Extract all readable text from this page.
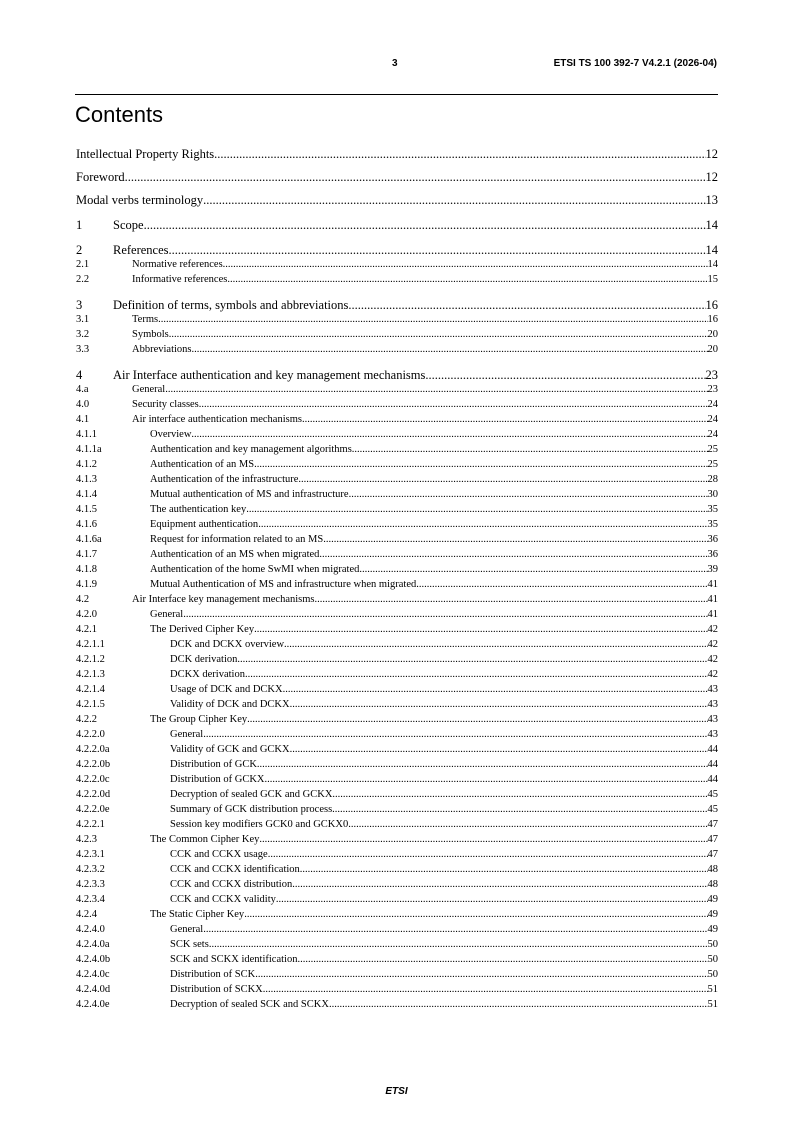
3	ETSI TS 100 392-7 V4.2.1 (2026-04)
Contents
Intellectual Property Rights .....	12
Foreword .....	12
Modal verbs terminology .....	13
1	Scope .....	14
2	References .....	14
2.1	Normative references .....	14
2.2	Informative references .....	15
3	Definition of terms, symbols and abbreviations .....	16
3.1	Terms .....	16
3.2	Symbols .....	20
3.3	Abbreviations .....	20
4	Air Interface authentication and key management mechanisms .....	23
4.a	General .....	23
4.0	Security classes .....	24
4.1	Air interface authentication mechanisms .....	24
4.1.1	Overview .....	24
4.1.1a	Authentication and key management algorithms .....	25
4.1.2	Authentication of an MS .....	25
4.1.3	Authentication of the infrastructure .....	28
4.1.4	Mutual authentication of MS and infrastructure .....	30
4.1.5	The authentication key .....	35
4.1.6	Equipment authentication .....	35
4.1.6a	Request for information related to an MS .....	36
4.1.7	Authentication of an MS when migrated .....	36
4.1.8	Authentication of the home SwMI when migrated .....	39
4.1.9	Mutual Authentication of MS and infrastructure when migrated .....	41
4.2	Air Interface key management mechanisms .....	41
4.2.0	General .....	41
4.2.1	The Derived Cipher Key .....	42
4.2.1.1	DCK and DCKX overview .....	42
4.2.1.2	DCK derivation .....	42
4.2.1.3	DCKX derivation .....	42
4.2.1.4	Usage of DCK and DCKX .....	43
4.2.1.5	Validity of DCK and DCKX .....	43
4.2.2	The Group Cipher Key .....	43
4.2.2.0	General .....	43
4.2.2.0a	Validity of GCK and GCKX .....	44
4.2.2.0b	Distribution of GCK .....	44
4.2.2.0c	Distribution of GCKX .....	44
4.2.2.0d	Decryption of sealed GCK and GCKX .....	45
4.2.2.0e	Summary of GCK distribution process .....	45
4.2.2.1	Session key modifiers GCK0 and GCKX0 .....	47
4.2.3	The Common Cipher Key .....	47
4.2.3.1	CCK and CCKX usage .....	47
4.2.3.2	CCK and CCKX identification .....	48
4.2.3.3	CCK and CCKX distribution .....	48
4.2.3.4	CCK and CCKX validity .....	49
4.2.4	The Static Cipher Key .....	49
4.2.4.0	General .....	49
4.2.4.0a	SCK sets .....	50
4.2.4.0b	SCK and SCKX identification .....	50
4.2.4.0c	Distribution of SCK .....	50
4.2.4.0d	Distribution of SCKX .....	51
4.2.4.0e	Decryption of sealed SCK and SCKX .....	51
ETSI
